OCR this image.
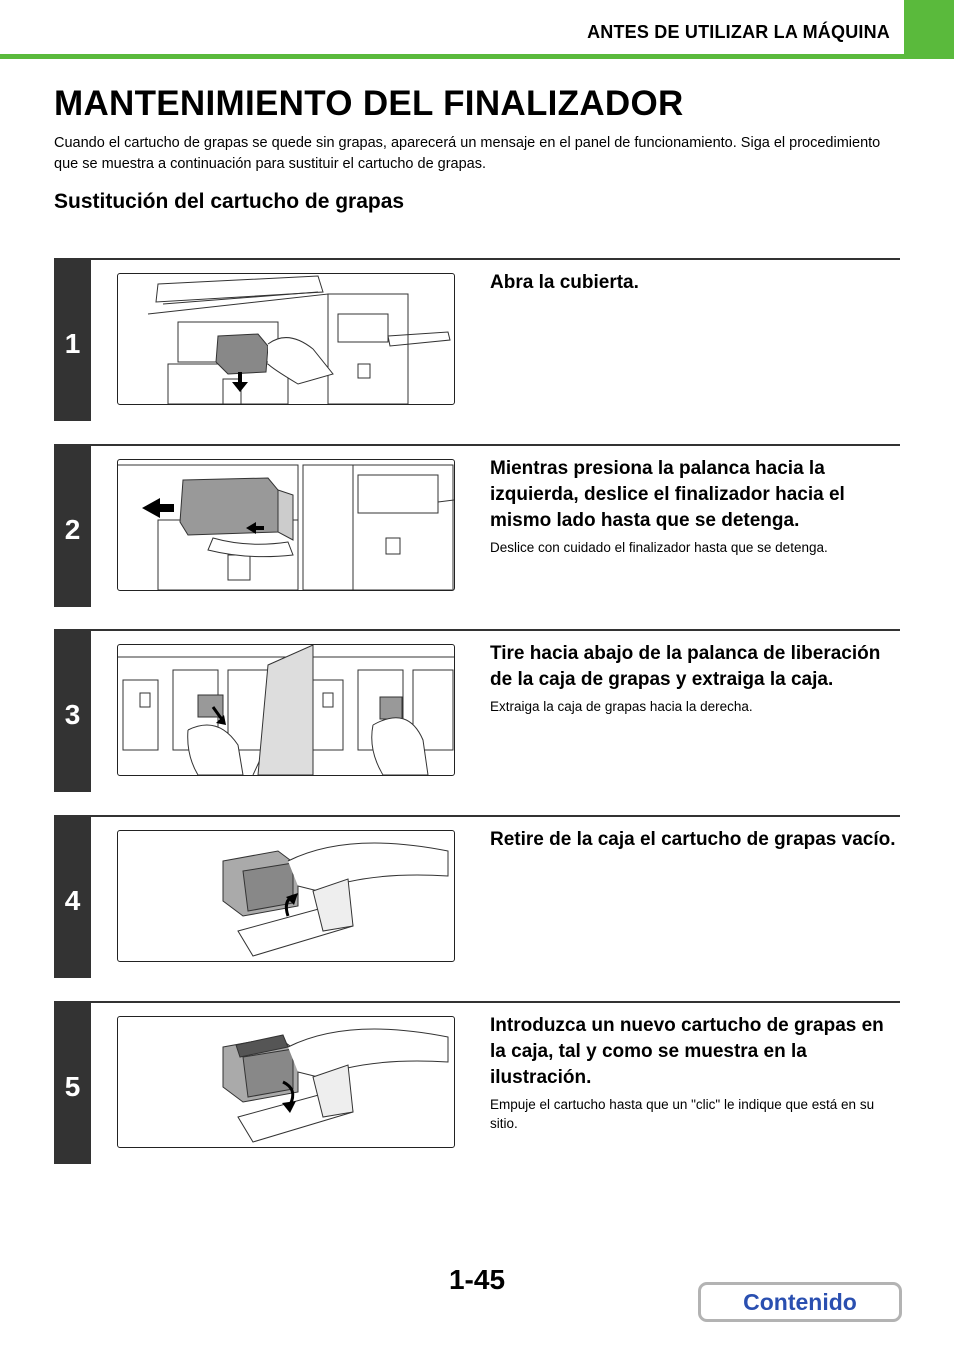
ANTES DE UTILIZAR LA MÁQUINA
MANTENIMIENTO DEL FINALIZADOR
Cuando el cartucho de grapas se quede sin grapas, aparecerá un mensaje en el panel de funcionamiento. Siga el procedimiento que se muestra a continuación para sustituir el cartucho de grapas.
Sustitución del cartucho de grapas
1

Abra la cubierta.

2

Mientras presiona la palanca hacia la izquierda, deslice el finalizador hacia el mismo lado hasta que se detenga.

Deslice con cuidado el finalizador hasta que se detenga.
3

Tire hacia abajo de la palanca de liberación de la caja de grapas y extraiga la caja.

Extraiga la caja de grapas hacia la derecha.
4

Retire de la caja el cartucho de grapas vacío.

5

Introduzca un nuevo cartucho de grapas en la caja, tal y como se muestra en la ilustración.

Empuje el cartucho hasta que un "clic" le indique que está en su sitio.
1-45
Contenido
